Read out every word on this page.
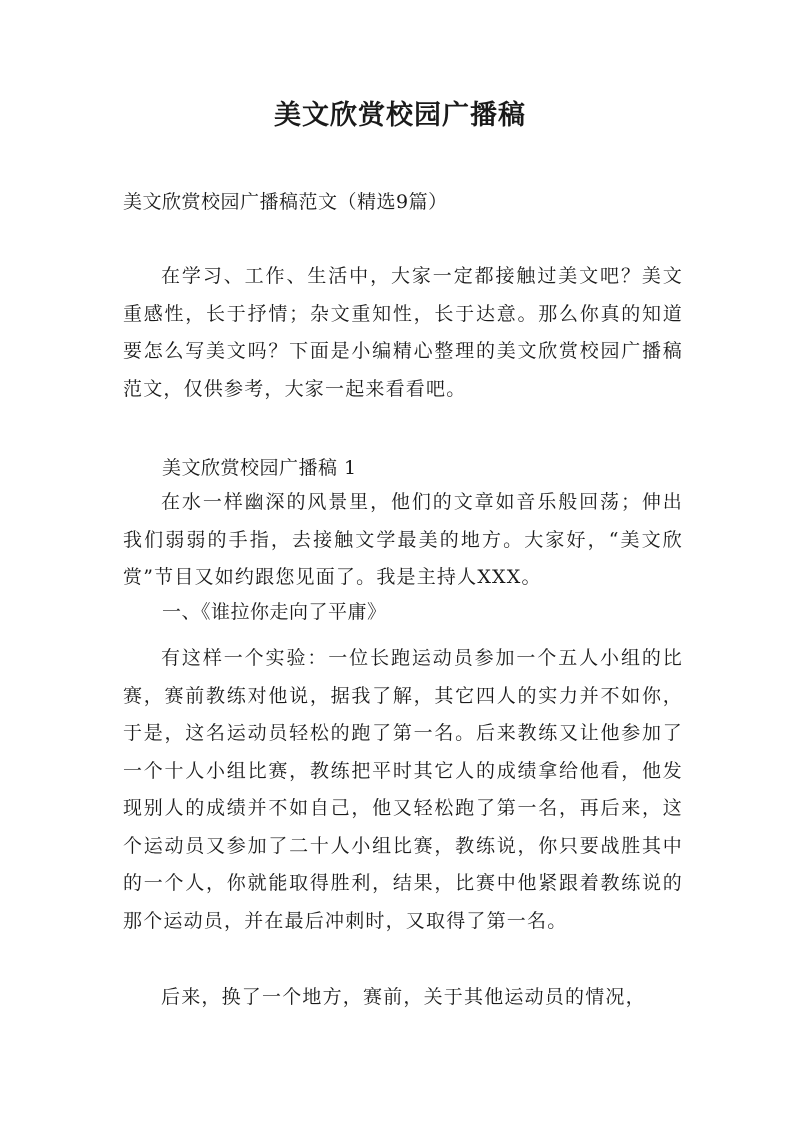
美文欣赏校园广播稿
美文欣赏校园广播稿范文（精选9篇）

在学习、工作、生活中，大家一定都接触过美文吧？美文重感性，长于抒情；杂文重知性，长于达意。那么你真的知道要怎么写美文吗？下面是小编精心整理的美文欣赏校园广播稿范文，仅供参考，大家一起来看看吧。

美文欣赏校园广播稿 1

在水一样幽深的风景里，他们的文章如音乐般回荡；伸出我们弱弱的手指，去接触文学最美的地方。大家好，“美文欣赏”节目又如约跟您见面了。我是主持人XXX。

一、《谁拉你走向了平庸》

有这样一个实验：一位长跑运动员参加一个五人小组的比赛，赛前教练对他说，据我了解，其它四人的实力并不如你，于是，这名运动员轻松的跑了第一名。后来教练又让他参加了一个十人小组比赛，教练把平时其它人的成绩拿给他看，他发现别人的成绩并不如自己，他又轻松跑了第一名，再后来，这个运动员又参加了二十人小组比赛，教练说，你只要战胜其中的一个人，你就能取得胜利，结果，比赛中他紧跟着教练说的那个运动员，并在最后冲刺时，又取得了第一名。

后来，换了一个地方，赛前，关于其他运动员的情况，
